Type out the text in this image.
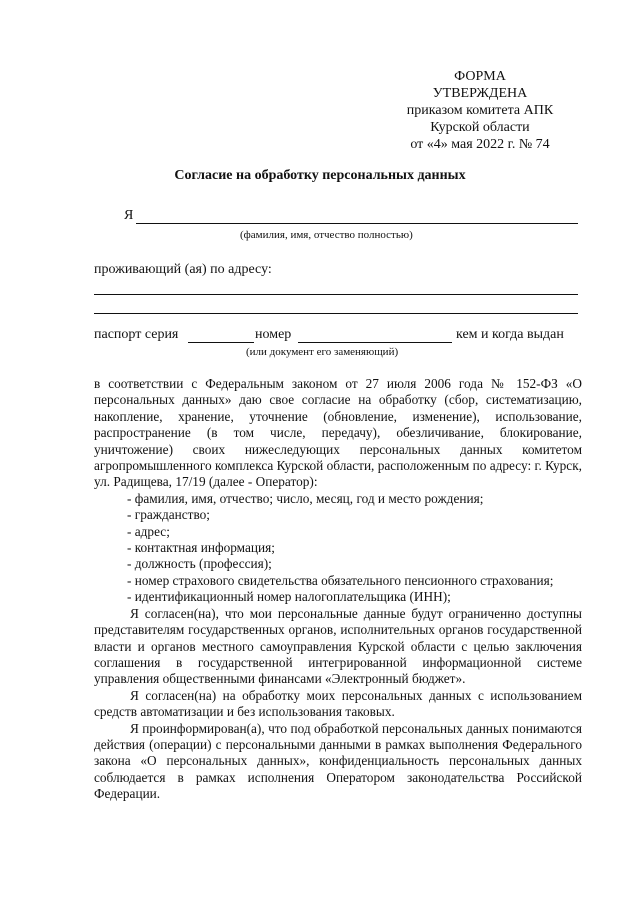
ФОРМА
УТВЕРЖДЕНА
приказом комитета АПК
Курской области
от «4» мая 2022 г. № 74
Согласие на обработку персональных данных
Я
(фамилия, имя, отчество полностью)
проживающий (ая) по адресу:
паспорт серия	номер	кем и когда выдан
(или документ его заменяющий)

в соответствии с Федеральным законом от 27 июля 2006 года № 152-ФЗ «О персональных данных» даю свое согласие на обработку (сбор, систематизацию, накопление, хранение, уточнение (обновление, изменение), использование, распространение (в том числе, передачу), обезличивание, блокирование, уничтожение) своих нижеследующих персональных данных комитетом агропромышленного комплекса Курской области, расположенным по адресу: г. Курск, ул. Радищева, 17/19 (далее - Оператор):

- фамилия, имя, отчество; число, месяц, год и место рождения;

- гражданство;

- адрес;

- контактная информация;

- должность (профессия);

- номер страхового свидетельства обязательного пенсионного страхования;

- идентификационный номер налогоплательщика (ИНН);

Я согласен(на), что мои персональные данные будут ограниченно доступны представителям государственных органов, исполнительных органов государственной власти и органов местного самоуправления Курской области с целью заключения соглашения в государственной интегрированной информационной системе управления общественными финансами «Электронный бюджет».

Я согласен(на) на обработку моих персональных данных с использованием средств автоматизации и без использования таковых.

Я проинформирован(а), что под обработкой персональных данных понимаются действия (операции) с персональными данными в рамках выполнения Федерального закона «О персональных данных», конфиденциальность персональных данных соблюдается в рамках исполнения Оператором законодательства Российской Федерации.
